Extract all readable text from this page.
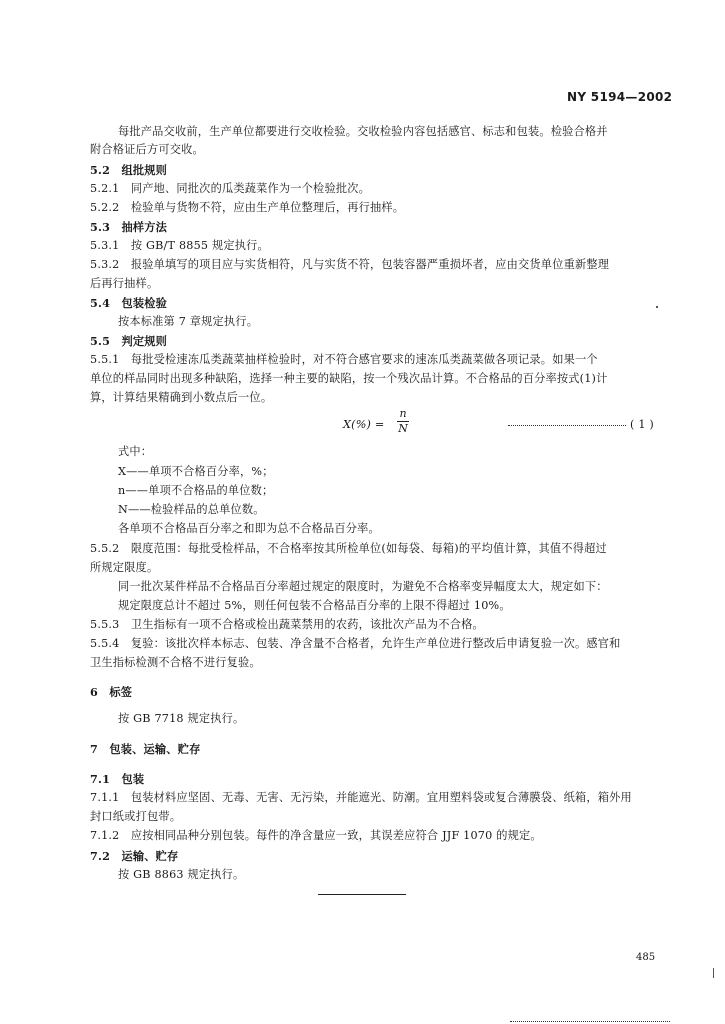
NY 5194—2002
每批产品交收前，生产单位都要进行交收检验。交收检验内容包括感官、标志和包装。检验合格并
附合格证后方可交收。
5.2　组批规则
5.2.1　同产地、同批次的瓜类蔬菜作为一个检验批次。
5.2.2　检验单与货物不符，应由生产单位整理后，再行抽样。
5.3　抽样方法
5.3.1　按 GB/T 8855 规定执行。
5.3.2　报验单填写的项目应与实货相符，凡与实货不符，包装容器严重损坏者，应由交货单位重新整理
后再行抽样。
5.4　包装检验
按本标准第 7 章规定执行。
5.5　判定规则
5.5.1　每批受检速冻瓜类蔬菜抽样检验时，对不符合感官要求的速冻瓜类蔬菜做各项记录。如果一个
单位的样品同时出现多种缺陷，选择一种主要的缺陷，按一个残次品计算。不合格品的百分率按式(1)计
算，计算结果精确到小数点后一位。
X(%) =
n
N	( 1 )
式中：
X——单项不合格百分率，%；
n——单项不合格品的单位数；
N——检验样品的总单位数。
各单项不合格品百分率之和即为总不合格品百分率。
5.5.2　限度范围：每批受检样品，不合格率按其所检单位(如每袋、每箱)的平均值计算，其值不得超过
所规定限度。
同一批次某件样品不合格品百分率超过规定的限度时，为避免不合格率变异幅度太大，规定如下：
规定限度总计不超过 5%，则任何包装不合格品百分率的上限不得超过 10%。
5.5.3　卫生指标有一项不合格或检出蔬菜禁用的农药，该批次产品为不合格。
5.5.4　复验：该批次样本标志、包装、净含量不合格者，允许生产单位进行整改后申请复验一次。感官和
卫生指标检测不合格不进行复验。
6　标签
按 GB 7718 规定执行。
7　包装、运输、贮存
7.1　包装
7.1.1　包装材料应坚固、无毒、无害、无污染，并能遮光、防潮。宜用塑料袋或复合薄膜袋、纸箱，箱外用
封口纸或打包带。
7.1.2　应按相同品种分别包装。每件的净含量应一致，其误差应符合 JJF 1070 的规定。
7.2　运输、贮存
按 GB 8863 规定执行。
485
